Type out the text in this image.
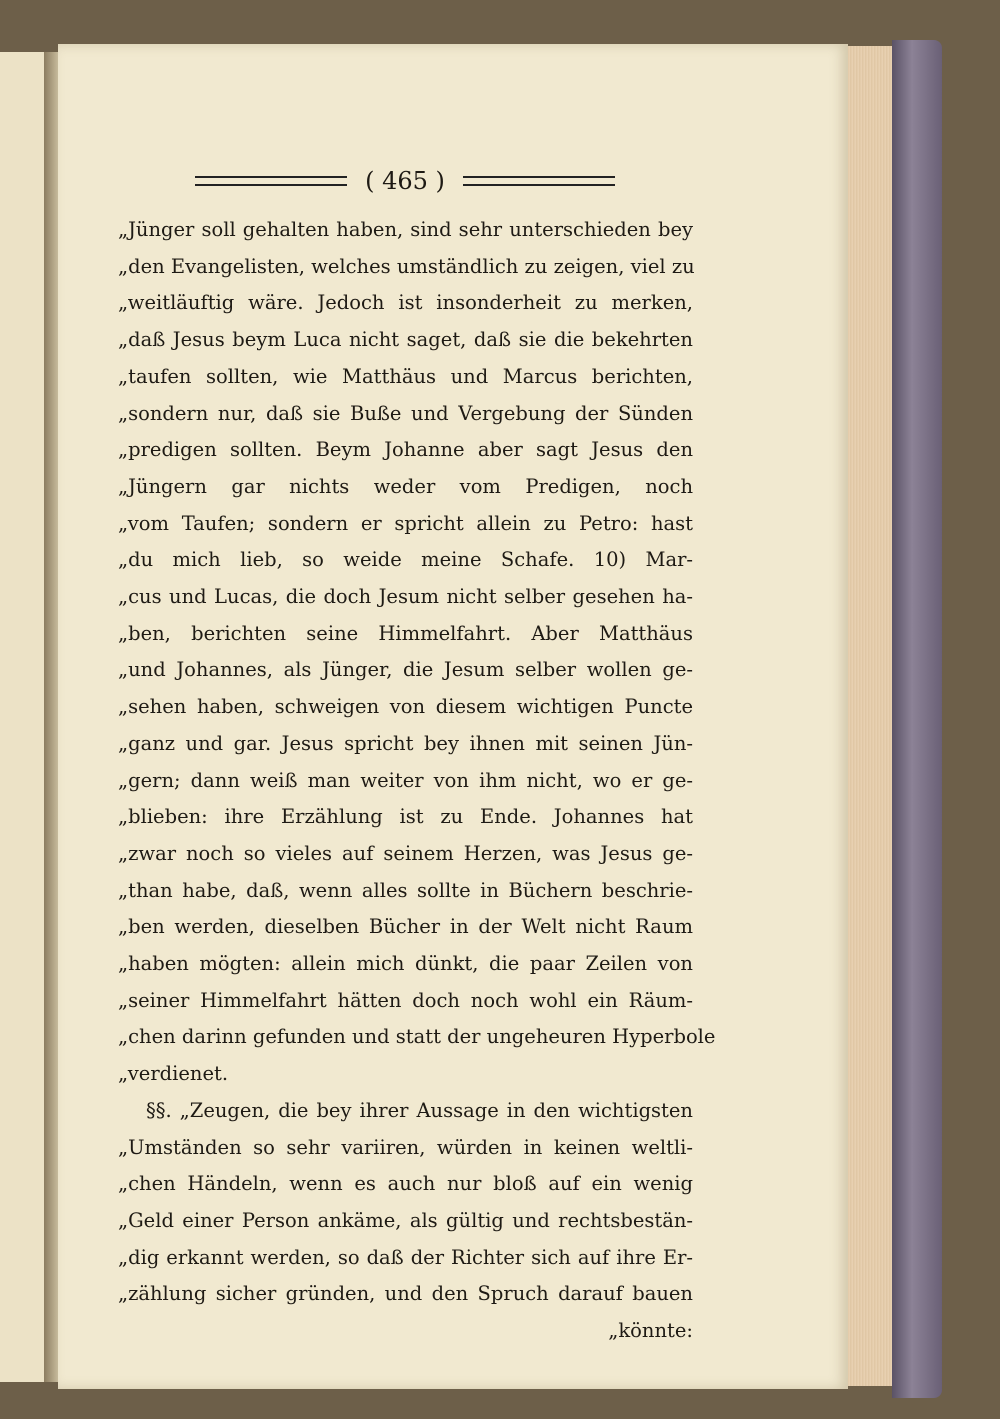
( 465 )
„Jünger soll gehalten haben, sind sehr unterschieden bey
„den Evangelisten, welches umständlich zu zeigen, viel zu
„weitläuftig wäre. Jedoch ist insonderheit zu merken,
„daß Jesus beym Luca nicht saget, daß sie die bekehrten
„taufen sollten, wie Matthäus und Marcus berichten,
„sondern nur, daß sie Buße und Vergebung der Sünden
„predigen sollten. Beym Johanne aber sagt Jesus den
„Jüngern gar nichts weder vom Predigen, noch
„vom Taufen; sondern er spricht allein zu Petro: hast
„du mich lieb, so weide meine Schafe. 10) Mar-
„cus und Lucas, die doch Jesum nicht selber gesehen ha-
„ben, berichten seine Himmelfahrt. Aber Matthäus
„und Johannes, als Jünger, die Jesum selber wollen ge-
„sehen haben, schweigen von diesem wichtigen Puncte
„ganz und gar. Jesus spricht bey ihnen mit seinen Jün-
„gern; dann weiß man weiter von ihm nicht, wo er ge-
„blieben: ihre Erzählung ist zu Ende. Johannes hat
„zwar noch so vieles auf seinem Herzen, was Jesus ge-
„than habe, daß, wenn alles sollte in Büchern beschrie-
„ben werden, dieselben Bücher in der Welt nicht Raum
„haben mögten: allein mich dünkt, die paar Zeilen von
„seiner Himmelfahrt hätten doch noch wohl ein Räum-
„chen darinn gefunden und statt der ungeheuren Hyperbole
„verdienet.
§§. „Zeugen, die bey ihrer Aussage in den wichtigsten
„Umständen so sehr variiren, würden in keinen weltli-
„chen Händeln, wenn es auch nur bloß auf ein wenig
„Geld einer Person ankäme, als gültig und rechtsbestän-
„dig erkannt werden, so daß der Richter sich auf ihre Er-
„zählung sicher gründen, und den Spruch darauf bauen
„könnte:
